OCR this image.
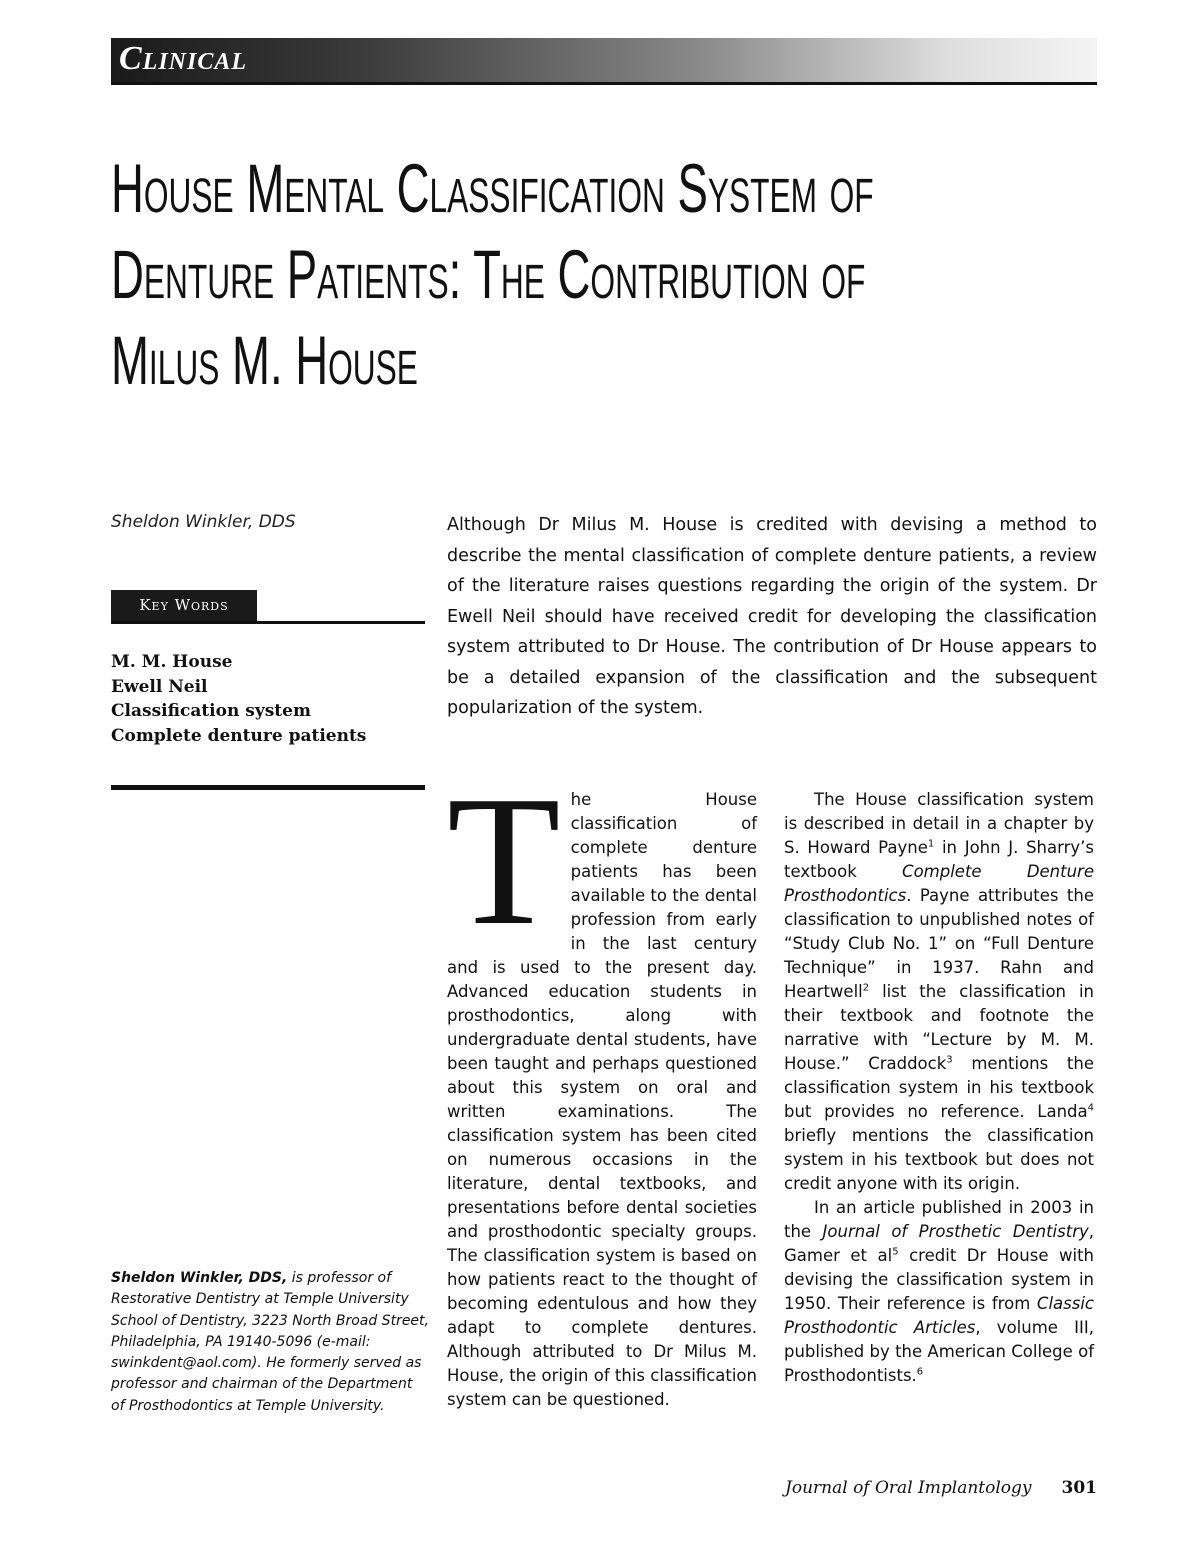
Clinical
House Mental Classification System of
Denture Patients: The Contribution of
Milus M. House
Sheldon Winkler, DDS	Although Dr Milus M. House is credited with devising a method to describe the mental classification of complete denture patients, a review of the literature raises questions regarding the origin of the system. Dr Ewell Neil should have received credit for developing the classification system attributed to Dr House. The contribution of Dr House appears to be a detailed expansion of the classification and the subsequent popularization of the system.

Key Words
M. M. House
Ewell Neil
Classification system
Complete denture patients

Sheldon Winkler, DDS, is professor of Restorative Dentistry at Temple University School of Dentistry, 3223 North Broad Street, Philadelphia, PA 19140-5096 (e-mail: swinkdent@aol.com). He formerly served as professor and chairman of the Department of Prosthodontics at Temple University.

The House classification of complete denture patients has been available to the dental profession from early in the last century and is used to the present day. Advanced education students in prosthodontics, along with undergraduate dental students, have been taught and perhaps questioned about this system on oral and written examinations. The classification system has been cited on numerous occasions in the literature, dental textbooks, and presentations before dental societies and prosthodontic specialty groups. The classification system is based on how patients react to the thought of becoming edentulous and how they adapt to complete dentures. Although attributed to Dr Milus M. House, the origin of this classification system can be questioned.

The House classification system is described in detail in a chapter by S. Howard Payne$^1$ in John J. Sharry’s textbook Complete Denture Prosthodontics. Payne attributes the classification to unpublished notes of “Study Club No. 1” on “Full Denture Technique” in 1937. Rahn and Heartwell$^2$ list the classification in their textbook and footnote the narrative with “Lecture by M. M. House.” Craddock$^3$ mentions the classification system in his textbook but provides no reference. Landa$^4$ briefly mentions the classification system in his textbook but does not credit anyone with its origin.

In an article published in 2003 in the Journal of Prosthetic Dentistry, Gamer et $al^5$ credit Dr House with devising the classification system in 1950. Their reference is from Classic Prosthodontic Articles, volume III, published by the American College of Prosthodontists.$^6$

Journal of Oral Implantology 301
